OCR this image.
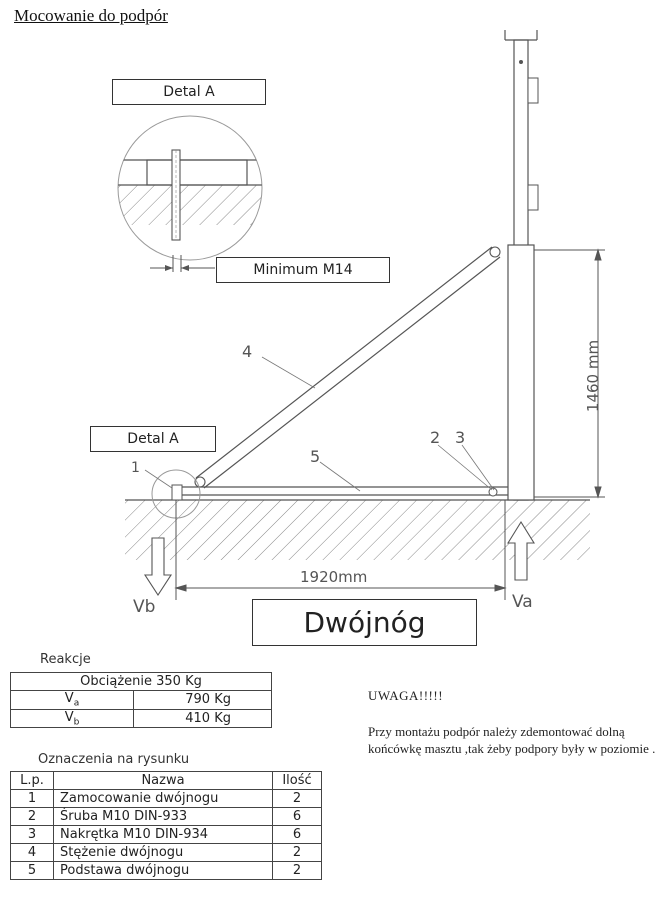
Mocowanie do podpór
Detal A
Minimum M14
Detal A
1460 mm
1920mm
Vb	Va
1
2 3
4
5
Dwójnóg
Reakcje
Obciążenie 350 Kg	
$V_a$	790 Kg
$V_b$	410 Kg
Oznaczenia na rysunku
L.p.	Nazwa	Ilość
1	Zamocowanie dwójnogu	2
2	Śruba M10 DIN-933	6
3	Nakrętka M10 DIN-934	6
4	Stężenie dwójnogu	2
5	Podstawa dwójnogu	2
UWAGA!!!!!
Przy montażu podpór należy zdemontować dolną końcówkę masztu ,tak żeby podpory były w poziomie .
